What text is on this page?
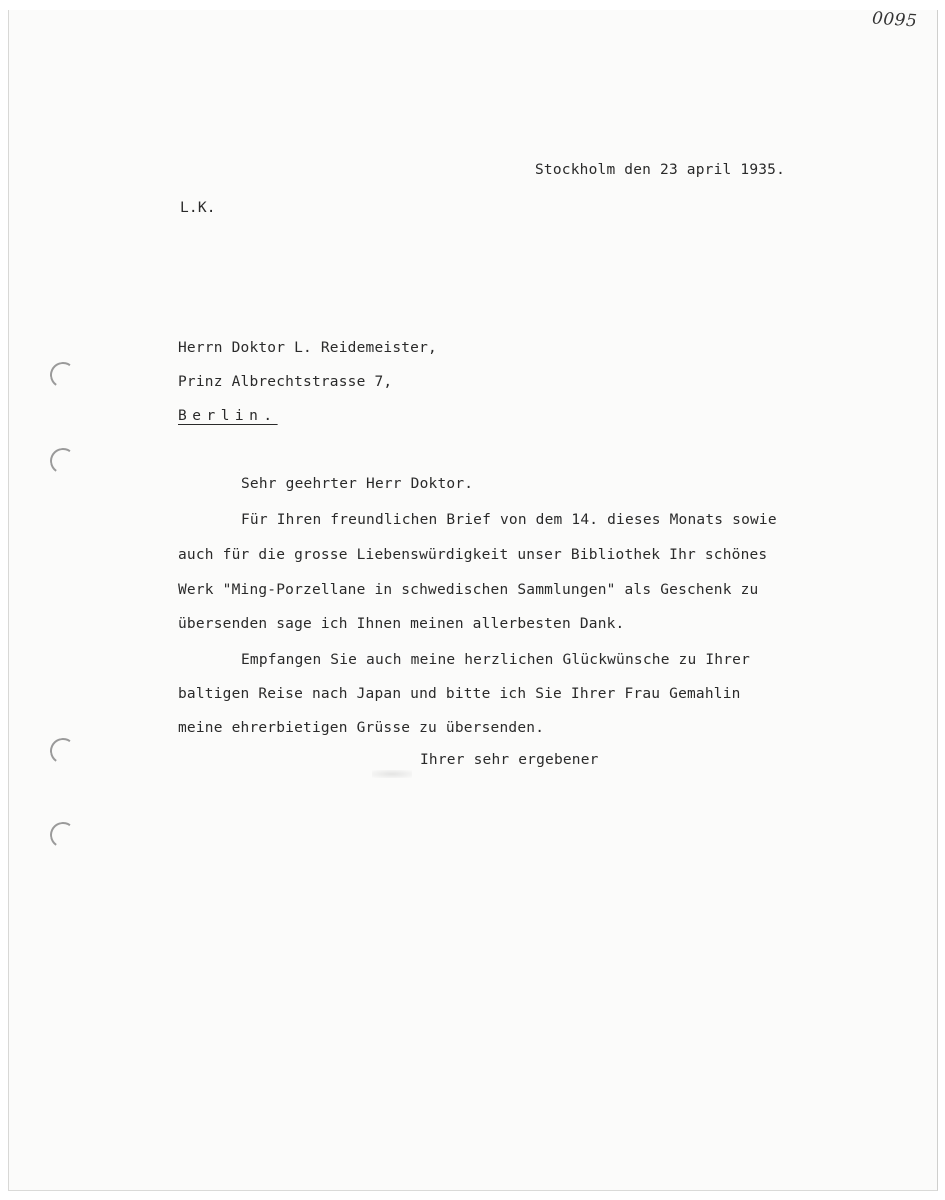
0095
Stockholm den 23 april 1935.
L.K.
Herrn Doktor L. Reidemeister,
Prinz Albrechtstrasse 7,
Berlin.
Sehr geehrter Herr Doktor.
Für Ihren freundlichen Brief von dem 14. dieses Monats sowie
auch für die grosse Liebenswürdigkeit unser Bibliothek Ihr schönes
Werk "Ming-Porzellane in schwedischen Sammlungen" als Geschenk zu
übersenden sage ich Ihnen meinen allerbesten Dank.
Empfangen Sie auch meine herzlichen Glückwünsche zu Ihrer
baltigen Reise nach Japan und bitte ich Sie Ihrer Frau Gemahlin
meine ehrerbietigen Grüsse zu übersenden.
Ihrer sehr ergebener
